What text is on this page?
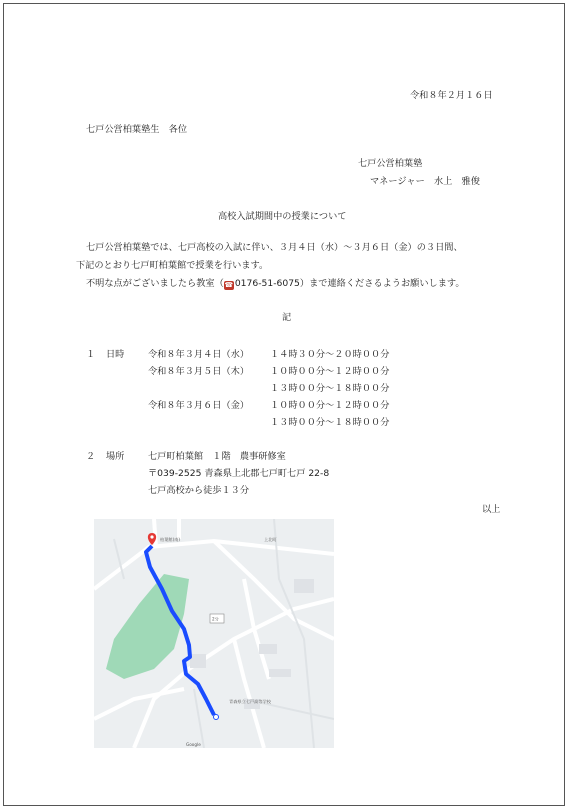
令和８年２月１６日
七戸公営柏葉塾生　各位
七戸公営柏葉塾
マネージャー　水上　雅俊
高校入試期間中の授業について
七戸公営柏葉塾では、七戸高校の入試に伴い、３月４日（水）～３月６日（金）の３日間、
下記のとおり七戸町柏葉館で授業を行います。
不明な点がございましたら教室（☎ 0176-51-6075）まで連絡くださるようお願いします。
記
１ 日時	令和８年３月４日（水） １４時３０分～２０時００分
令和８年３月５日（木） １０時００分～１２時００分
１３時００分～１８時００分
令和８年３月６日（金） １０時００分～１２時００分
１３時００分～１８時００分
２ 場所	七戸町柏葉館　１階　農事研修室
〒039-2525 青森県上北郡七戸町七戸 22-8
七戸高校から徒歩１３分
以上
2分
柏葉館(南)	上北町
青森県立七戸高等学校
Google
